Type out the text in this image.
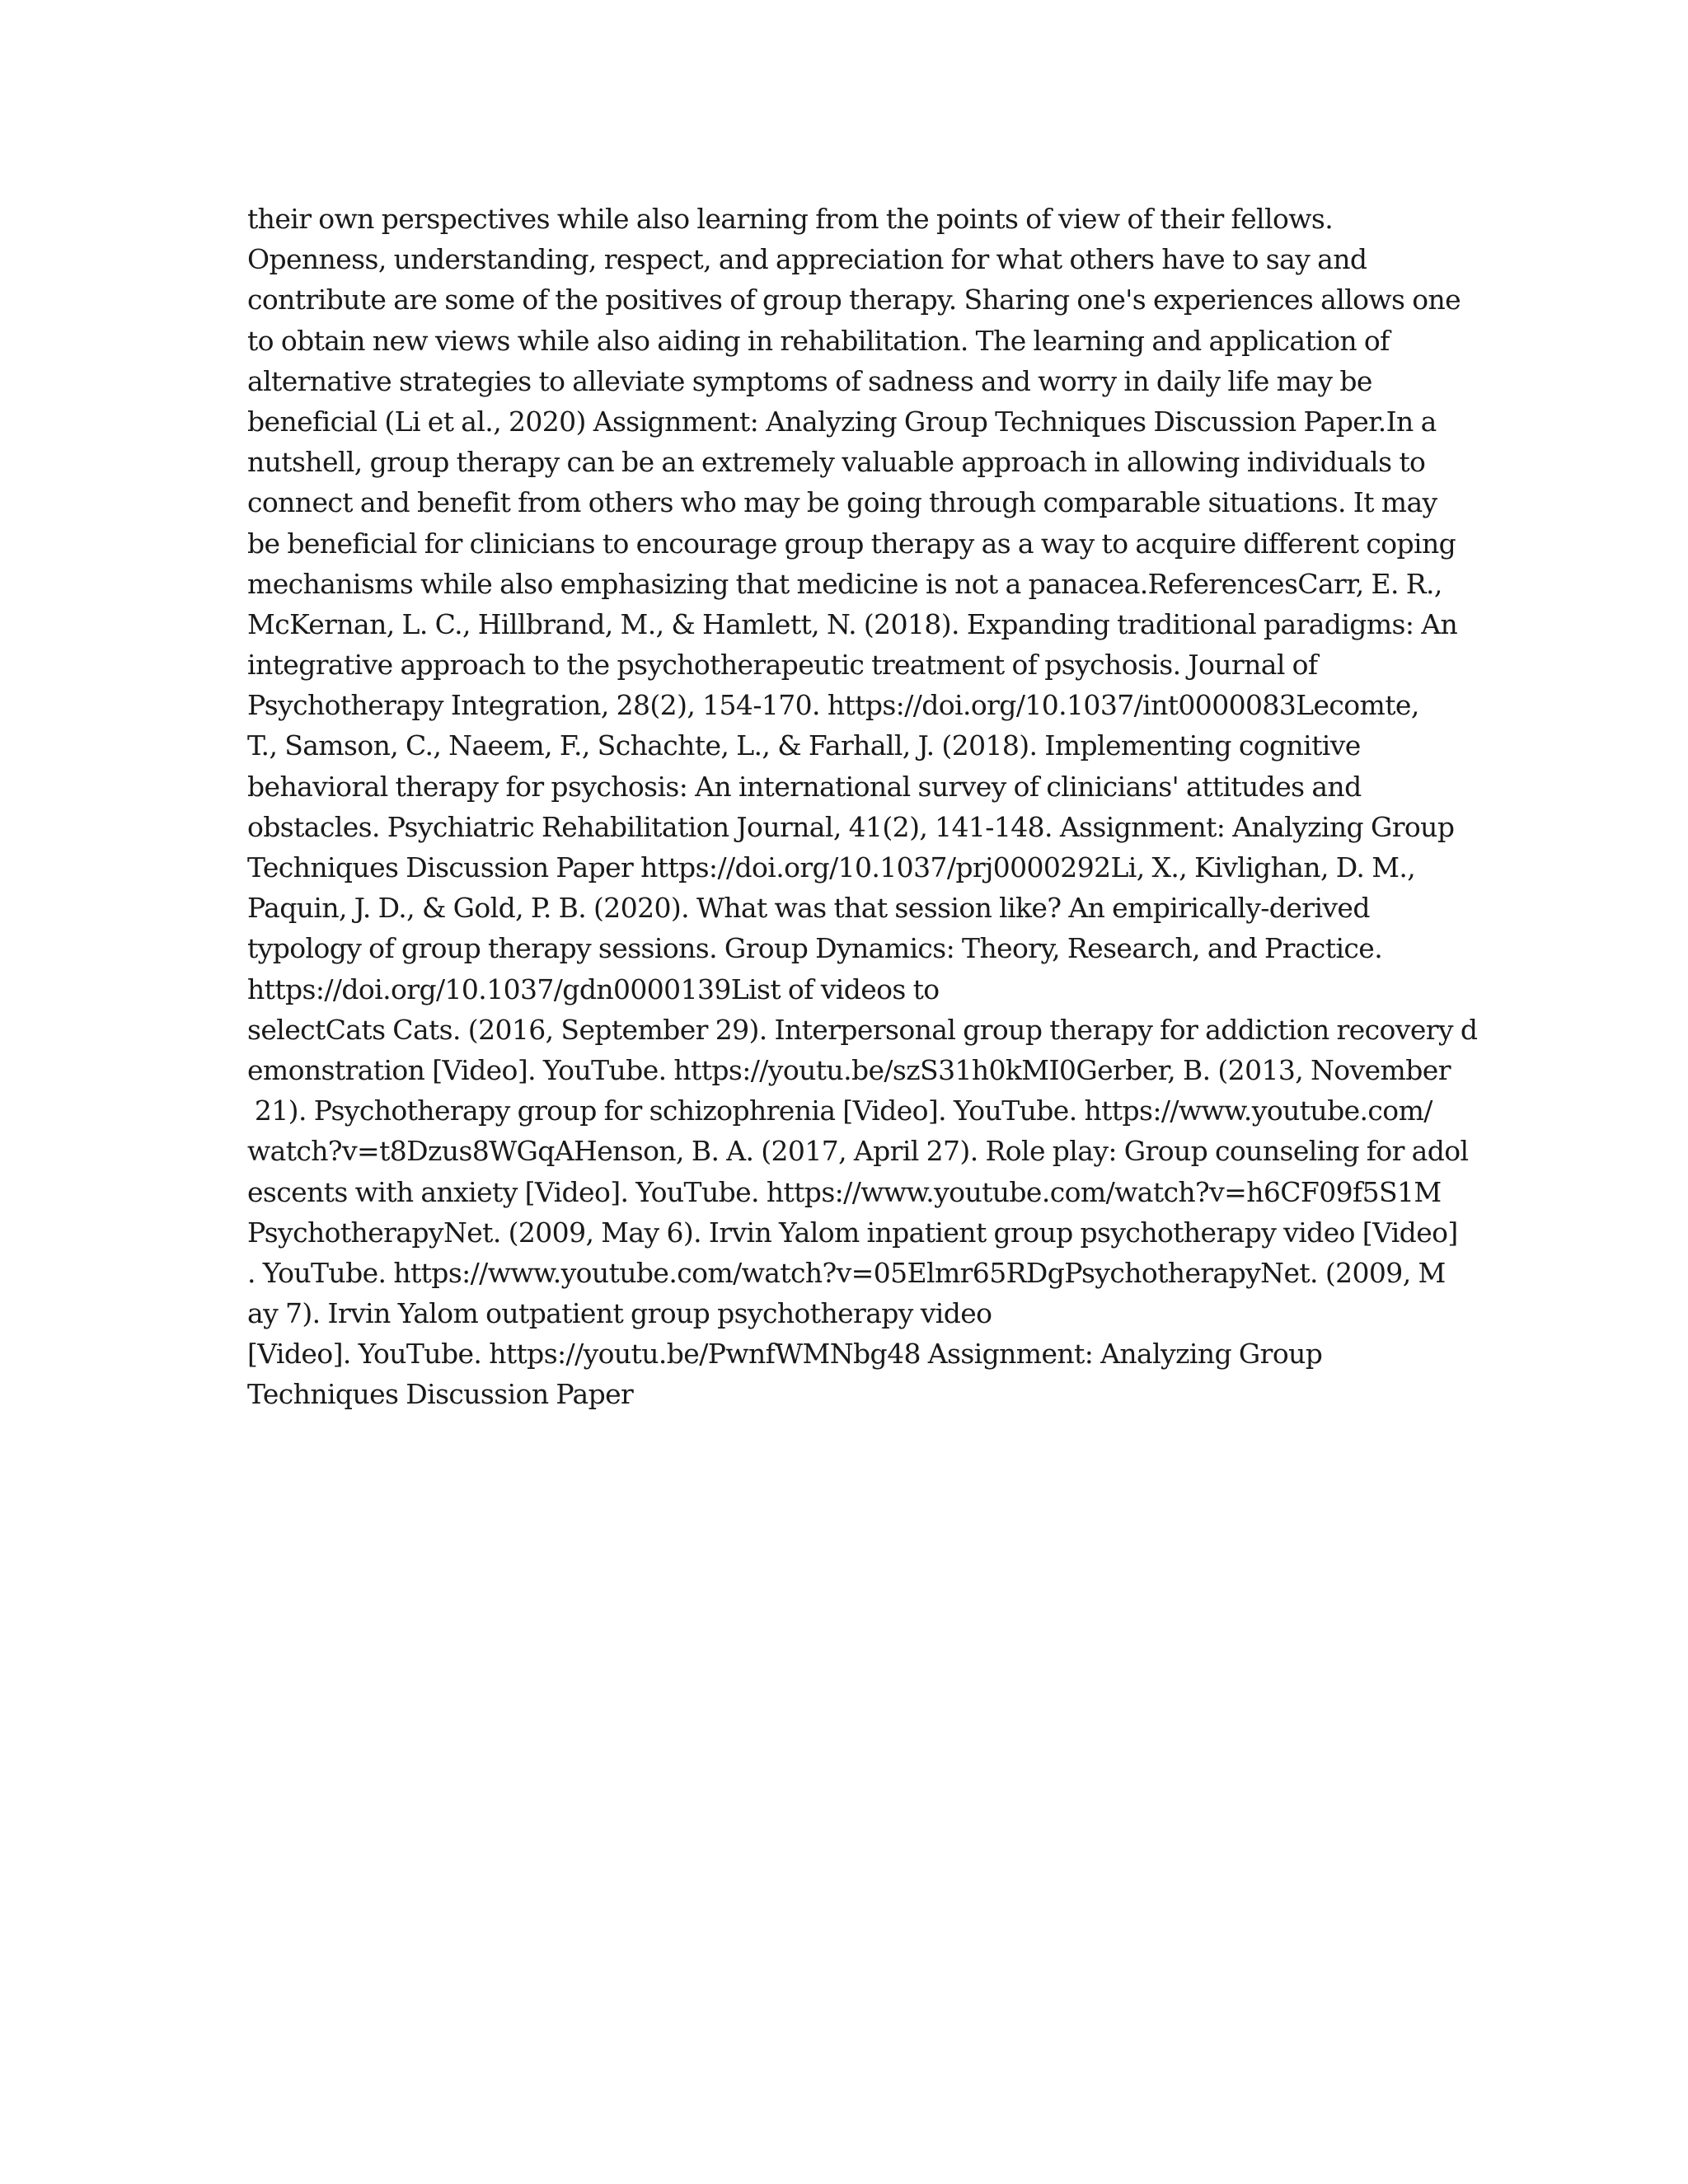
their own perspectives while also learning from the points of view of their fellows.
Openness, understanding, respect, and appreciation for what others have to say and
contribute are some of the positives of group therapy. Sharing one's experiences allows one
to obtain new views while also aiding in rehabilitation. The learning and application of
alternative strategies to alleviate symptoms of sadness and worry in daily life may be
beneficial (Li et al., 2020) Assignment: Analyzing Group Techniques Discussion Paper.In a
nutshell, group therapy can be an extremely valuable approach in allowing individuals to
connect and benefit from others who may be going through comparable situations. It may
be beneficial for clinicians to encourage group therapy as a way to acquire different coping
mechanisms while also emphasizing that medicine is not a panacea.ReferencesCarr, E. R.,
McKernan, L. C., Hillbrand, M., & Hamlett, N. (2018). Expanding traditional paradigms: An
integrative approach to the psychotherapeutic treatment of psychosis. Journal of
Psychotherapy Integration, 28(2), 154-170. https://doi.org/10.1037/int0000083Lecomte,
T., Samson, C., Naeem, F., Schachte, L., & Farhall, J. (2018). Implementing cognitive
behavioral therapy for psychosis: An international survey of clinicians' attitudes and
obstacles. Psychiatric Rehabilitation Journal, 41(2), 141-148. Assignment: Analyzing Group
Techniques Discussion Paper https://doi.org/10.1037/prj0000292Li, X., Kivlighan, D. M.,
Paquin, J. D., & Gold, P. B. (2020). What was that session like? An empirically-derived
typology of group therapy sessions. Group Dynamics: Theory, Research, and Practice.
https://doi.org/10.1037/gdn0000139List of videos to
selectCats Cats. (2016, September 29). Interpersonal group therapy for addiction recovery d
emonstration [Video]. YouTube. https://youtu.be/szS31h0kMI0Gerber, B. (2013, November
21). Psychotherapy group for schizophrenia [Video]. YouTube. https://www.youtube.com/
watch?v=t8Dzus8WGqAHenson, B. A. (2017, April 27). Role play: Group counseling for adol
escents with anxiety [Video]. YouTube. https://www.youtube.com/watch?v=h6CF09f5S1M
PsychotherapyNet. (2009, May 6). Irvin Yalom inpatient group psychotherapy video [Video]
. YouTube. https://www.youtube.com/watch?v=05Elmr65RDgPsychotherapyNet. (2009, M
ay 7). Irvin Yalom outpatient group psychotherapy video
[Video]. YouTube. https://youtu.be/PwnfWMNbg48 Assignment: Analyzing Group
Techniques Discussion Paper
